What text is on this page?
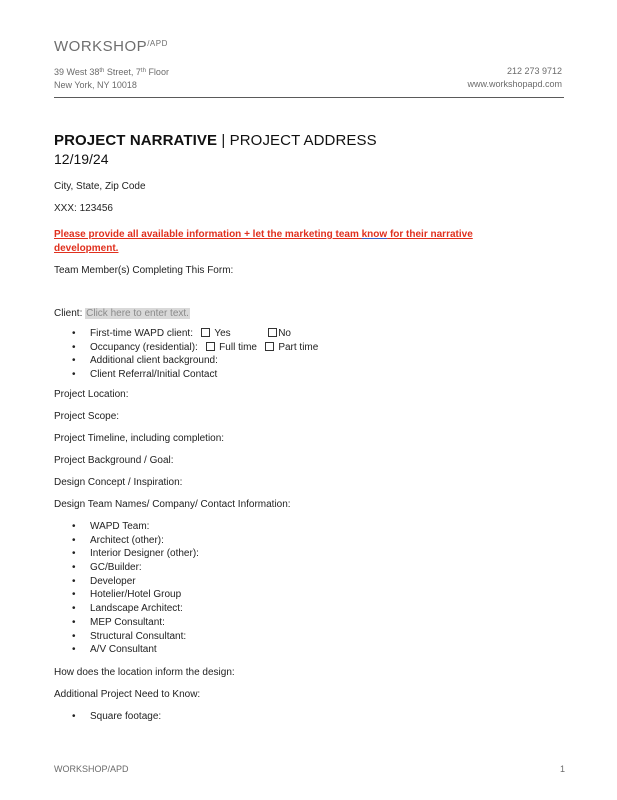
$WORKSHOP^{/APD}$
39 West 38th Street, 7th Floor
New York, NY 10018
212 273 9712
www.workshopapd.com
PROJECT NARRATIVE | PROJECT ADDRESS
12/19/24
City, State, Zip Code
XXX: 123456
Please provide all available information + let the marketing team know for their narrative development.
Team Member(s) Completing This Form:
Client: Click here to enter text.
• First-time WAPD client: Yes	No
• Occupancy (residential): Full time Part time
• Additional client background:
• Client Referral/Initial Contact
Project Location:
Project Scope:
Project Timeline, including completion:
Project Background / Goal:
Design Concept / Inspiration:
Design Team Names/ Company/ Contact Information:
• WAPD Team:
• Architect (other):
• Interior Designer (other):
• GC/Builder:
• Developer
• Hotelier/Hotel Group
• Landscape Architect:
• MEP Consultant:
• Structural Consultant:
• A/V Consultant
How does the location inform the design:
Additional Project Need to Know:
• Square footage:
WORKSHOP/APD	1
